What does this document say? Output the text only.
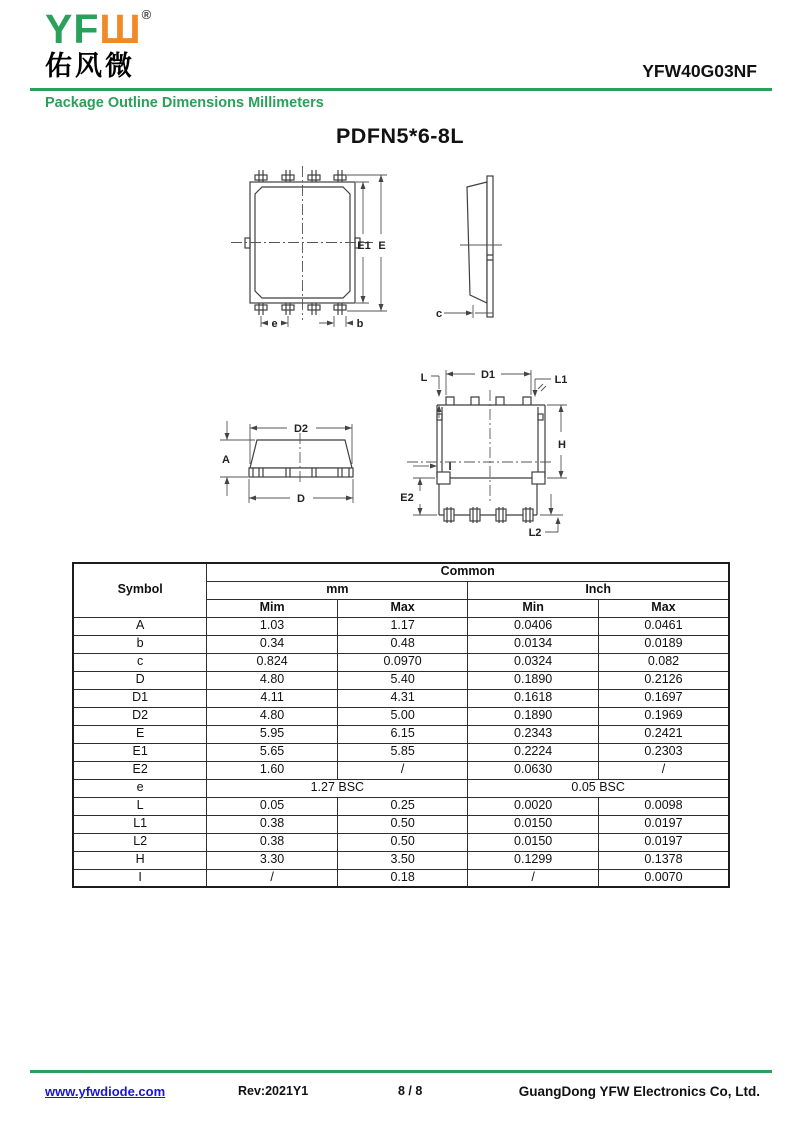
YFШ®
佑风微	YFW40G03NF
Package Outline Dimensions Millimeters
PDFN5*6-8L
E1 E
e	b
c
D2
A
D
H
I
E2
L2
D1
L	L1
Symbol	Common			
	mm		Inch	
	Mim	Max	Min	Max
A	1.03	1.17	0.0406	0.0461
b	0.34	0.48	0.0134	0.0189
c	0.824	0.0970	0.0324	0.082
D	4.80	5.40	0.1890	0.2126
D1	4.11	4.31	0.1618	0.1697
D2	4.80	5.00	0.1890	0.1969
E	5.95	6.15	0.2343	0.2421
E1	5.65	5.85	0.2224	0.2303
E2	1.60	/	0.0630	/
e	1.27 BSC		0.05 BSC	
L	0.05	0.25	0.0020	0.0098
L1	0.38	0.50	0.0150	0.0197
L2	0.38	0.50	0.0150	0.0197
H	3.30	3.50	0.1299	0.1378
I	/	0.18	/	0.0070
www.yfwdiode.com	Rev:2021Y1	8 / 8	GuangDong YFW Electronics Co, Ltd.
